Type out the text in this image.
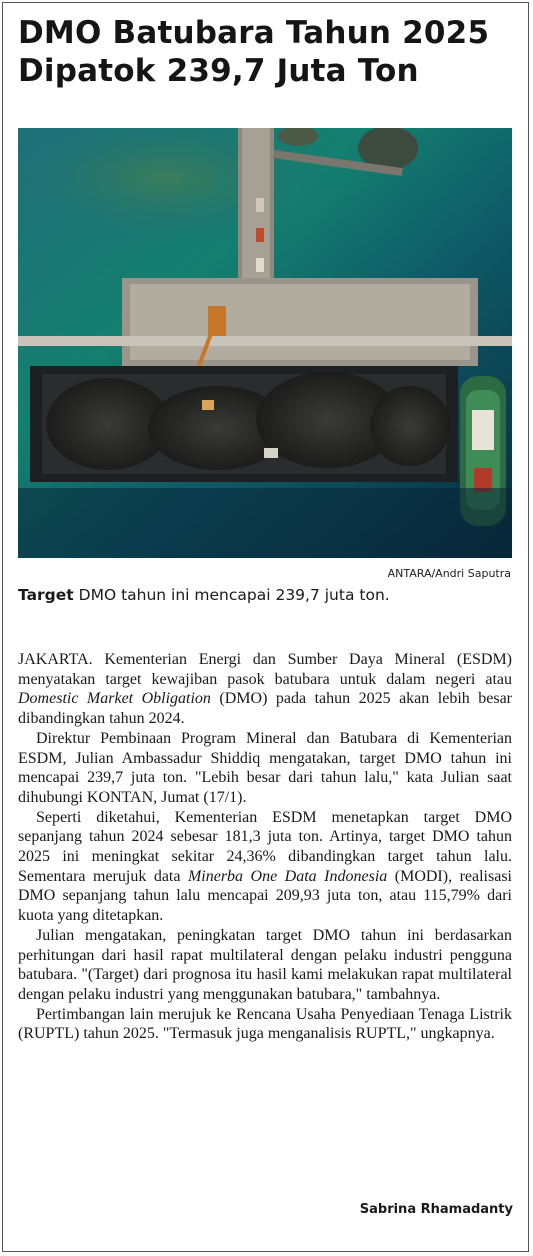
DMO Batubara Tahun 2025
Dipatok 239,7 Juta Ton
ANTARA/Andri Saputra
Target DMO tahun ini mencapai 239,7 juta ton.

JAKARTA. Kementerian Energi dan Sumber Daya Mineral (ESDM) menyatakan target kewajiban pasok batubara untuk dalam negeri atau Domestic Market Obligation (DMO) pada tahun 2025 akan lebih besar dibandingkan tahun 2024.

Direktur Pembinaan Program Mineral dan Batubara di Kementerian ESDM, Julian Ambassadur Shiddiq mengatakan, target DMO tahun ini mencapai 239,7 juta ton. "Lebih besar dari tahun lalu," kata Julian saat dihubungi KONTAN, Jumat (17/1).

Seperti diketahui, Kementerian ESDM menetapkan target DMO sepanjang tahun 2024 sebesar 181,3 juta ton. Artinya, target DMO tahun 2025 ini meningkat sekitar 24,36% dibandingkan target tahun lalu. Sementara merujuk data Minerba One Data Indonesia (MODI), realisasi DMO sepanjang tahun lalu mencapai 209,93 juta ton, atau 115,79% dari kuota yang ditetapkan.

Julian mengatakan, peningkatan target DMO tahun ini berdasarkan perhitungan dari hasil rapat multilateral dengan pelaku industri pengguna batubara. "(Target) dari prognosa itu hasil kami melakukan rapat multilateral dengan pelaku industri yang menggunakan batubara," tambahnya.

Pertimbangan lain merujuk ke Rencana Usaha Penyediaan Tenaga Listrik (RUPTL) tahun 2025. "Termasuk juga menganalisis RUPTL," ungkapnya.

Sabrina Rhamadanty
